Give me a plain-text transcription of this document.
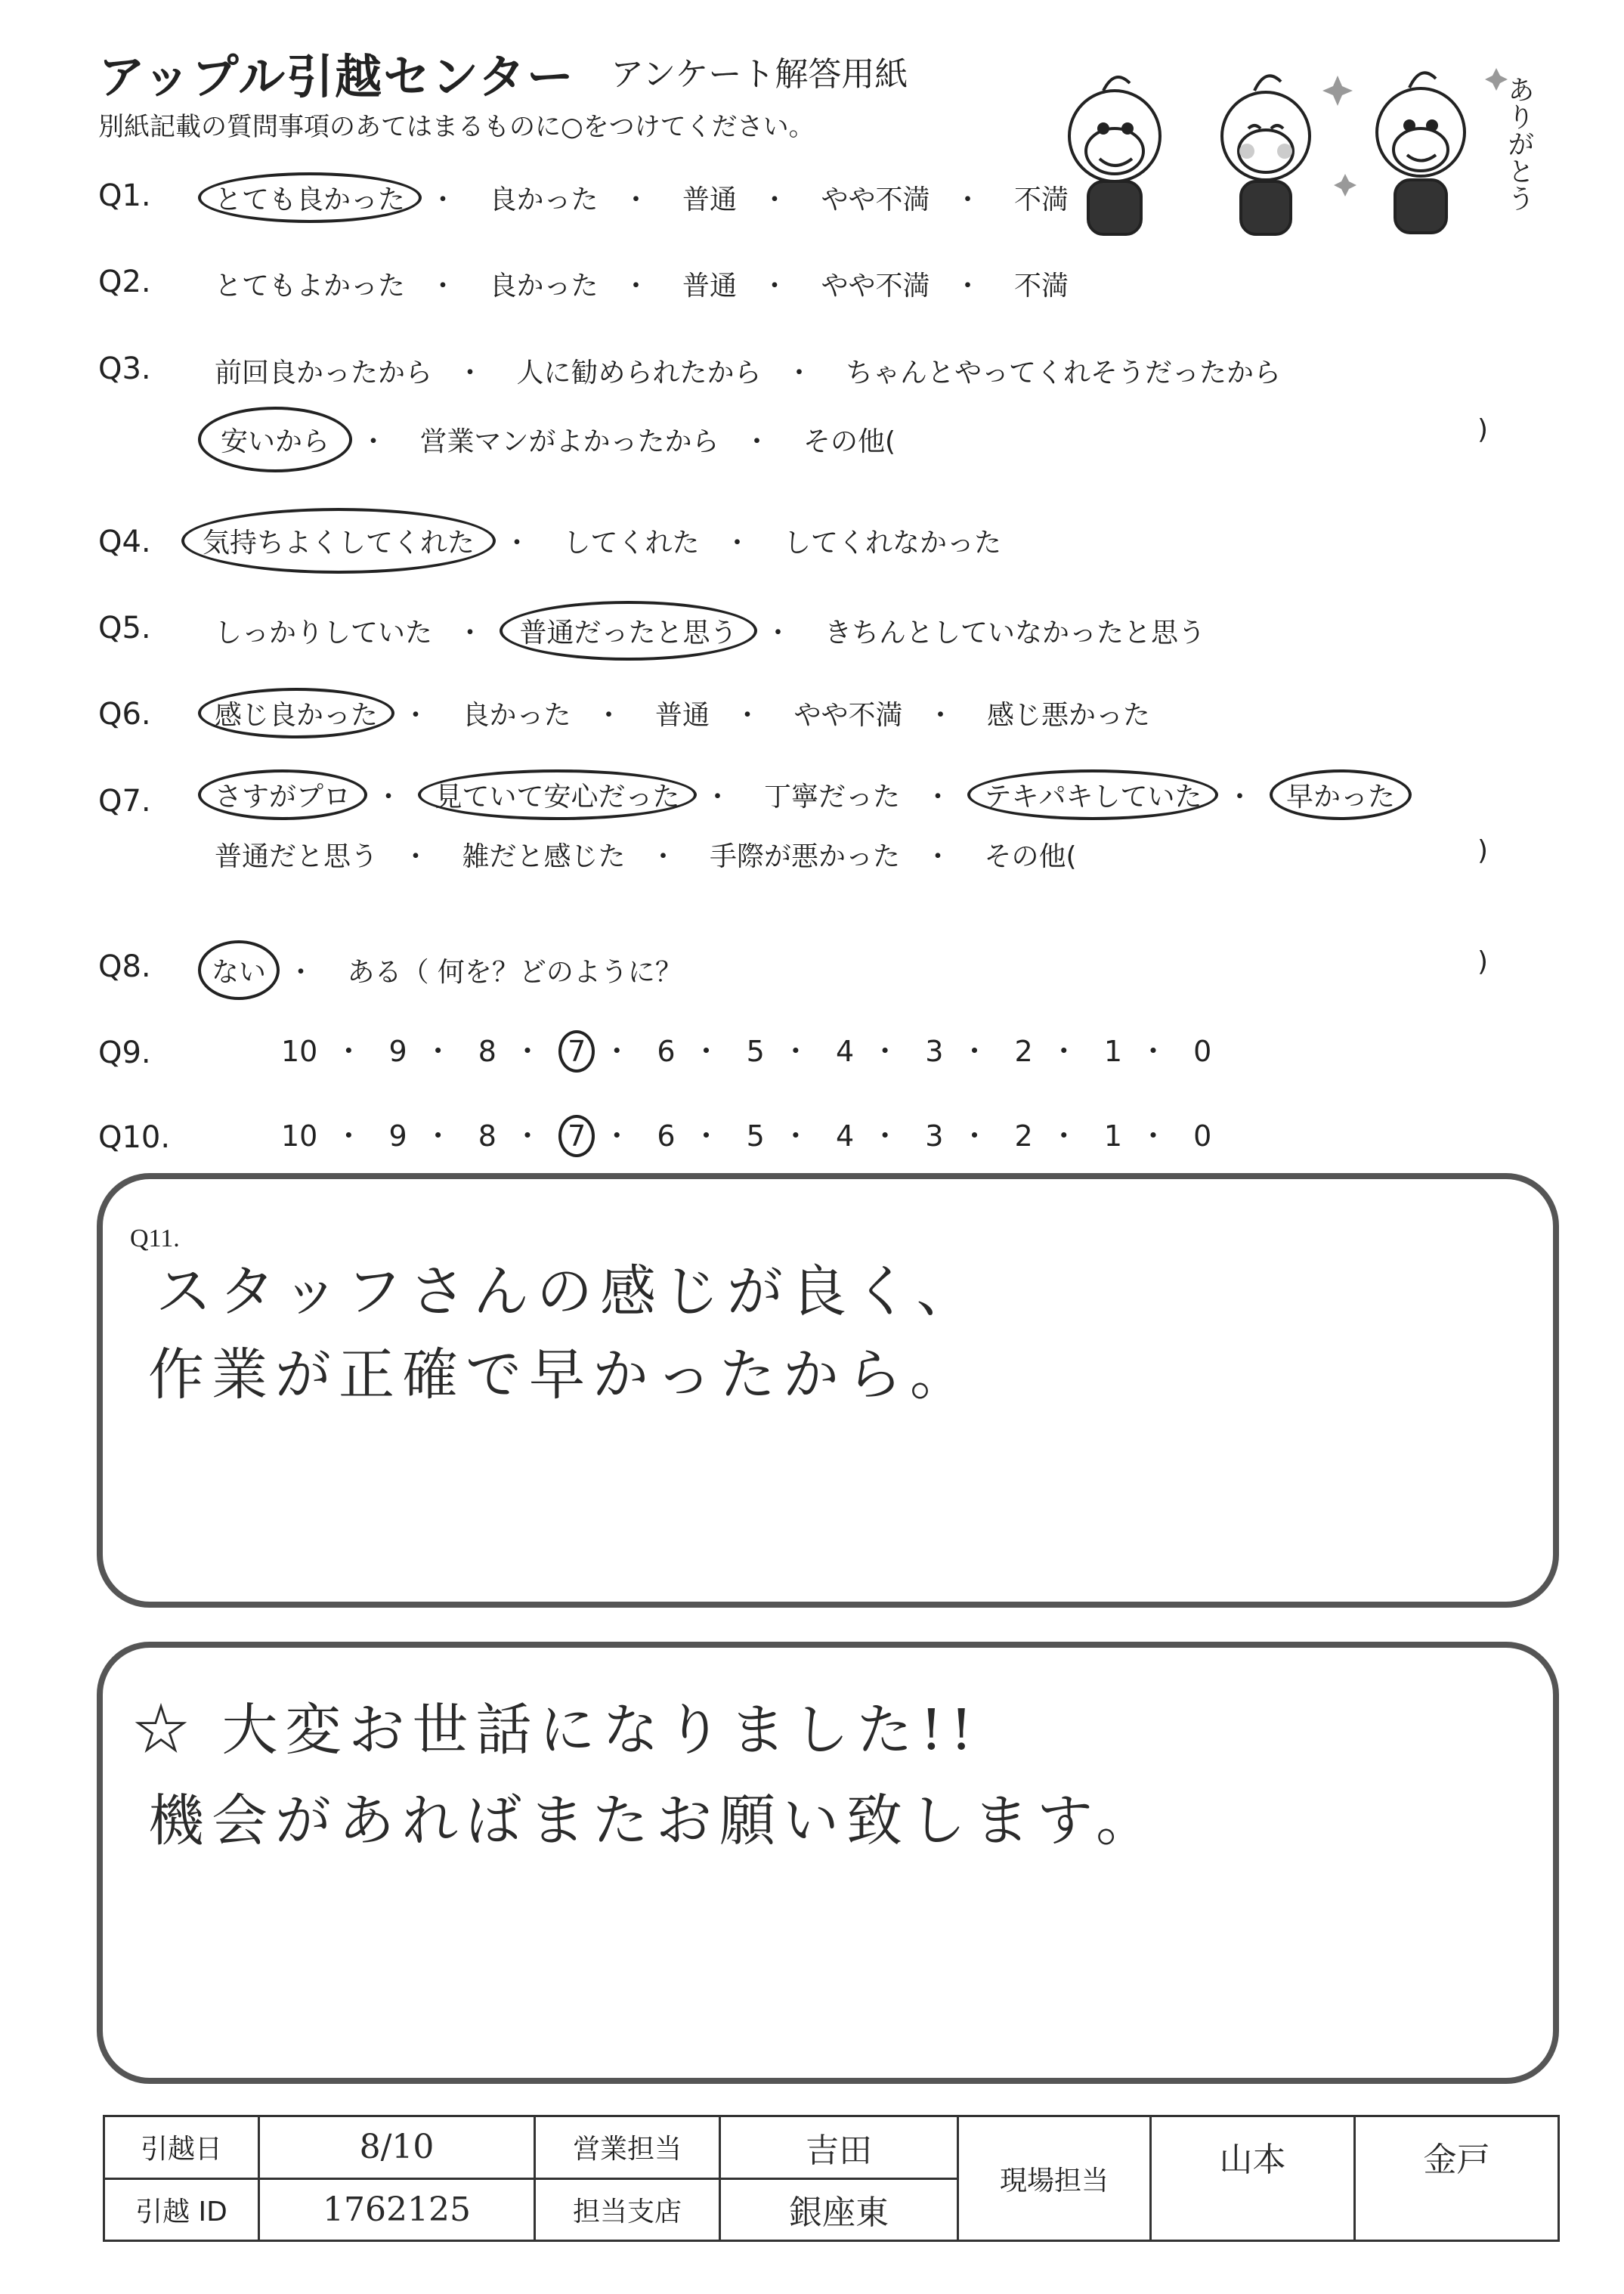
アップル引越センター アンケート解答用紙
別紙記載の質問事項のあてはまるものに○をつけてください。	ありがとう
Q1.	とても良かった ・ 良かった ・ 普通 ・ やや不満 ・ 不満
Q2.	とてもよかった ・ 良かった ・ 普通 ・ やや不満 ・ 不満
Q3.	前回良かったから ・ 人に勧められたから ・ ちゃんとやってくれそうだったから
安いから ・ 営業マンがよかったから ・ その他(	)
Q4.	気持ちよくしてくれた ・ してくれた ・ してくれなかった
Q5.	しっかりしていた ・ 普通だったと思う ・ きちんとしていなかったと思う
Q6.	感じ良かった ・ 良かった ・ 普通 ・ やや不満 ・ 感じ悪かった
Q7.	さすがプロ ・ 見ていて安心だった ・ 丁寧だった ・ テキパキしていた ・ 早かった
普通だと思う ・ 雑だと感じた ・ 手際が悪かった ・ その他(	)
Q8.	ない ・ ある（ 何を？どのように？	)
Q9.	10 ・ 9 ・ 8 ・ 7 ・ 6 ・ 5 ・ 4 ・ 3 ・ 2 ・ 1 ・ 0
Q10.	10 ・ 9 ・ 8 ・ 7 ・ 6 ・ 5 ・ 4 ・ 3 ・ 2 ・ 1 ・ 0
Q11.
スタッフさんの感じが良く、
作業が正確で早かったから。
☆ 大変お世話になりました!!
機会があればまたお願い致します。
引越日	8/10	営業担当	吉田	現場担当	山本	金戸
引越 ID	1762125	担当支店	銀座東			
